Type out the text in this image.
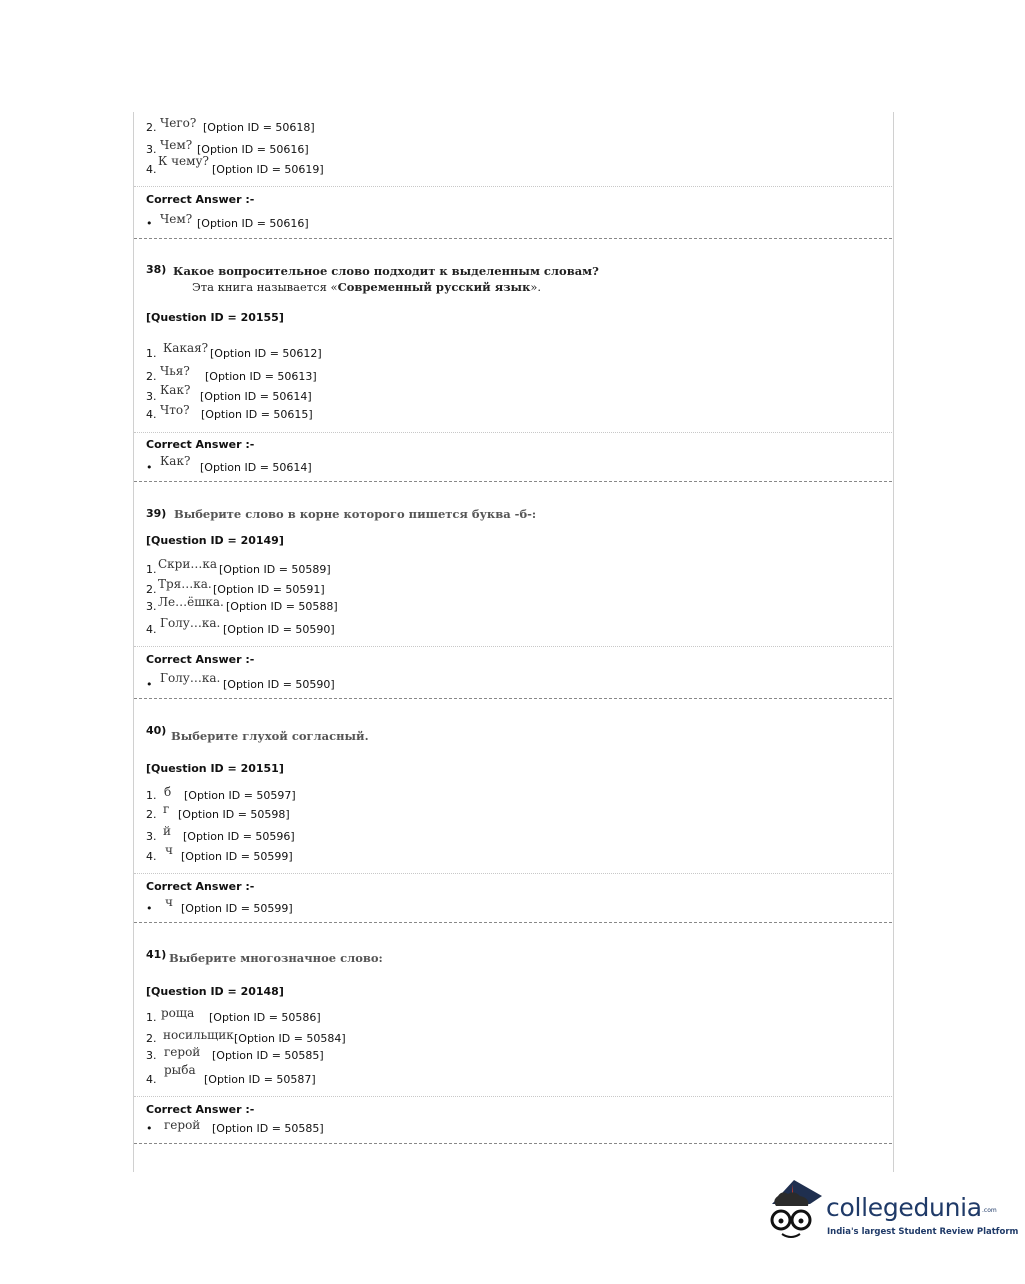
2. Чего? [Option ID = 50618]
3. Чем? [Option ID = 50616]
4.
К чему?
[Option ID = 50619]
Correct Answer :-
• Чем? [Option ID = 50616]
38) Какое вопросительное слово подходит к выделенным словам?
Эта книга называется «Современный русский язык».
[Question ID = 20155]
1. Какая? [Option ID = 50612]
2. Чья? [Option ID = 50613]
3. Как? [Option ID = 50614]
4. Что? [Option ID = 50615]
Correct Answer :-
• Как? [Option ID = 50614]
39) Выберите слово в корне которого пишется буква -б-:
[Question ID = 20149]
1. Скри…ка [Option ID = 50589]
2. Тря…ка. [Option ID = 50591]
3. Ле…ёшка. [Option ID = 50588]
4. Голу…ка. [Option ID = 50590]
Correct Answer :-
• Голу…ка. [Option ID = 50590]
40) Выберите глухой согласный.
[Question ID = 20151]
1. б [Option ID = 50597]
2. г [Option ID = 50598]
3. й [Option ID = 50596]
4. ч [Option ID = 50599]
Correct Answer :-
• ч [Option ID = 50599]
41) Выберите многозначное слово:
[Question ID = 20148]
1. роща [Option ID = 50586]
2. носильщик [Option ID = 50584]
3. герой [Option ID = 50585]
4.
рыба
[Option ID = 50587]
Correct Answer :-
• герой [Option ID = 50585]
collegedunia .com
India's largest Student Review Platform
